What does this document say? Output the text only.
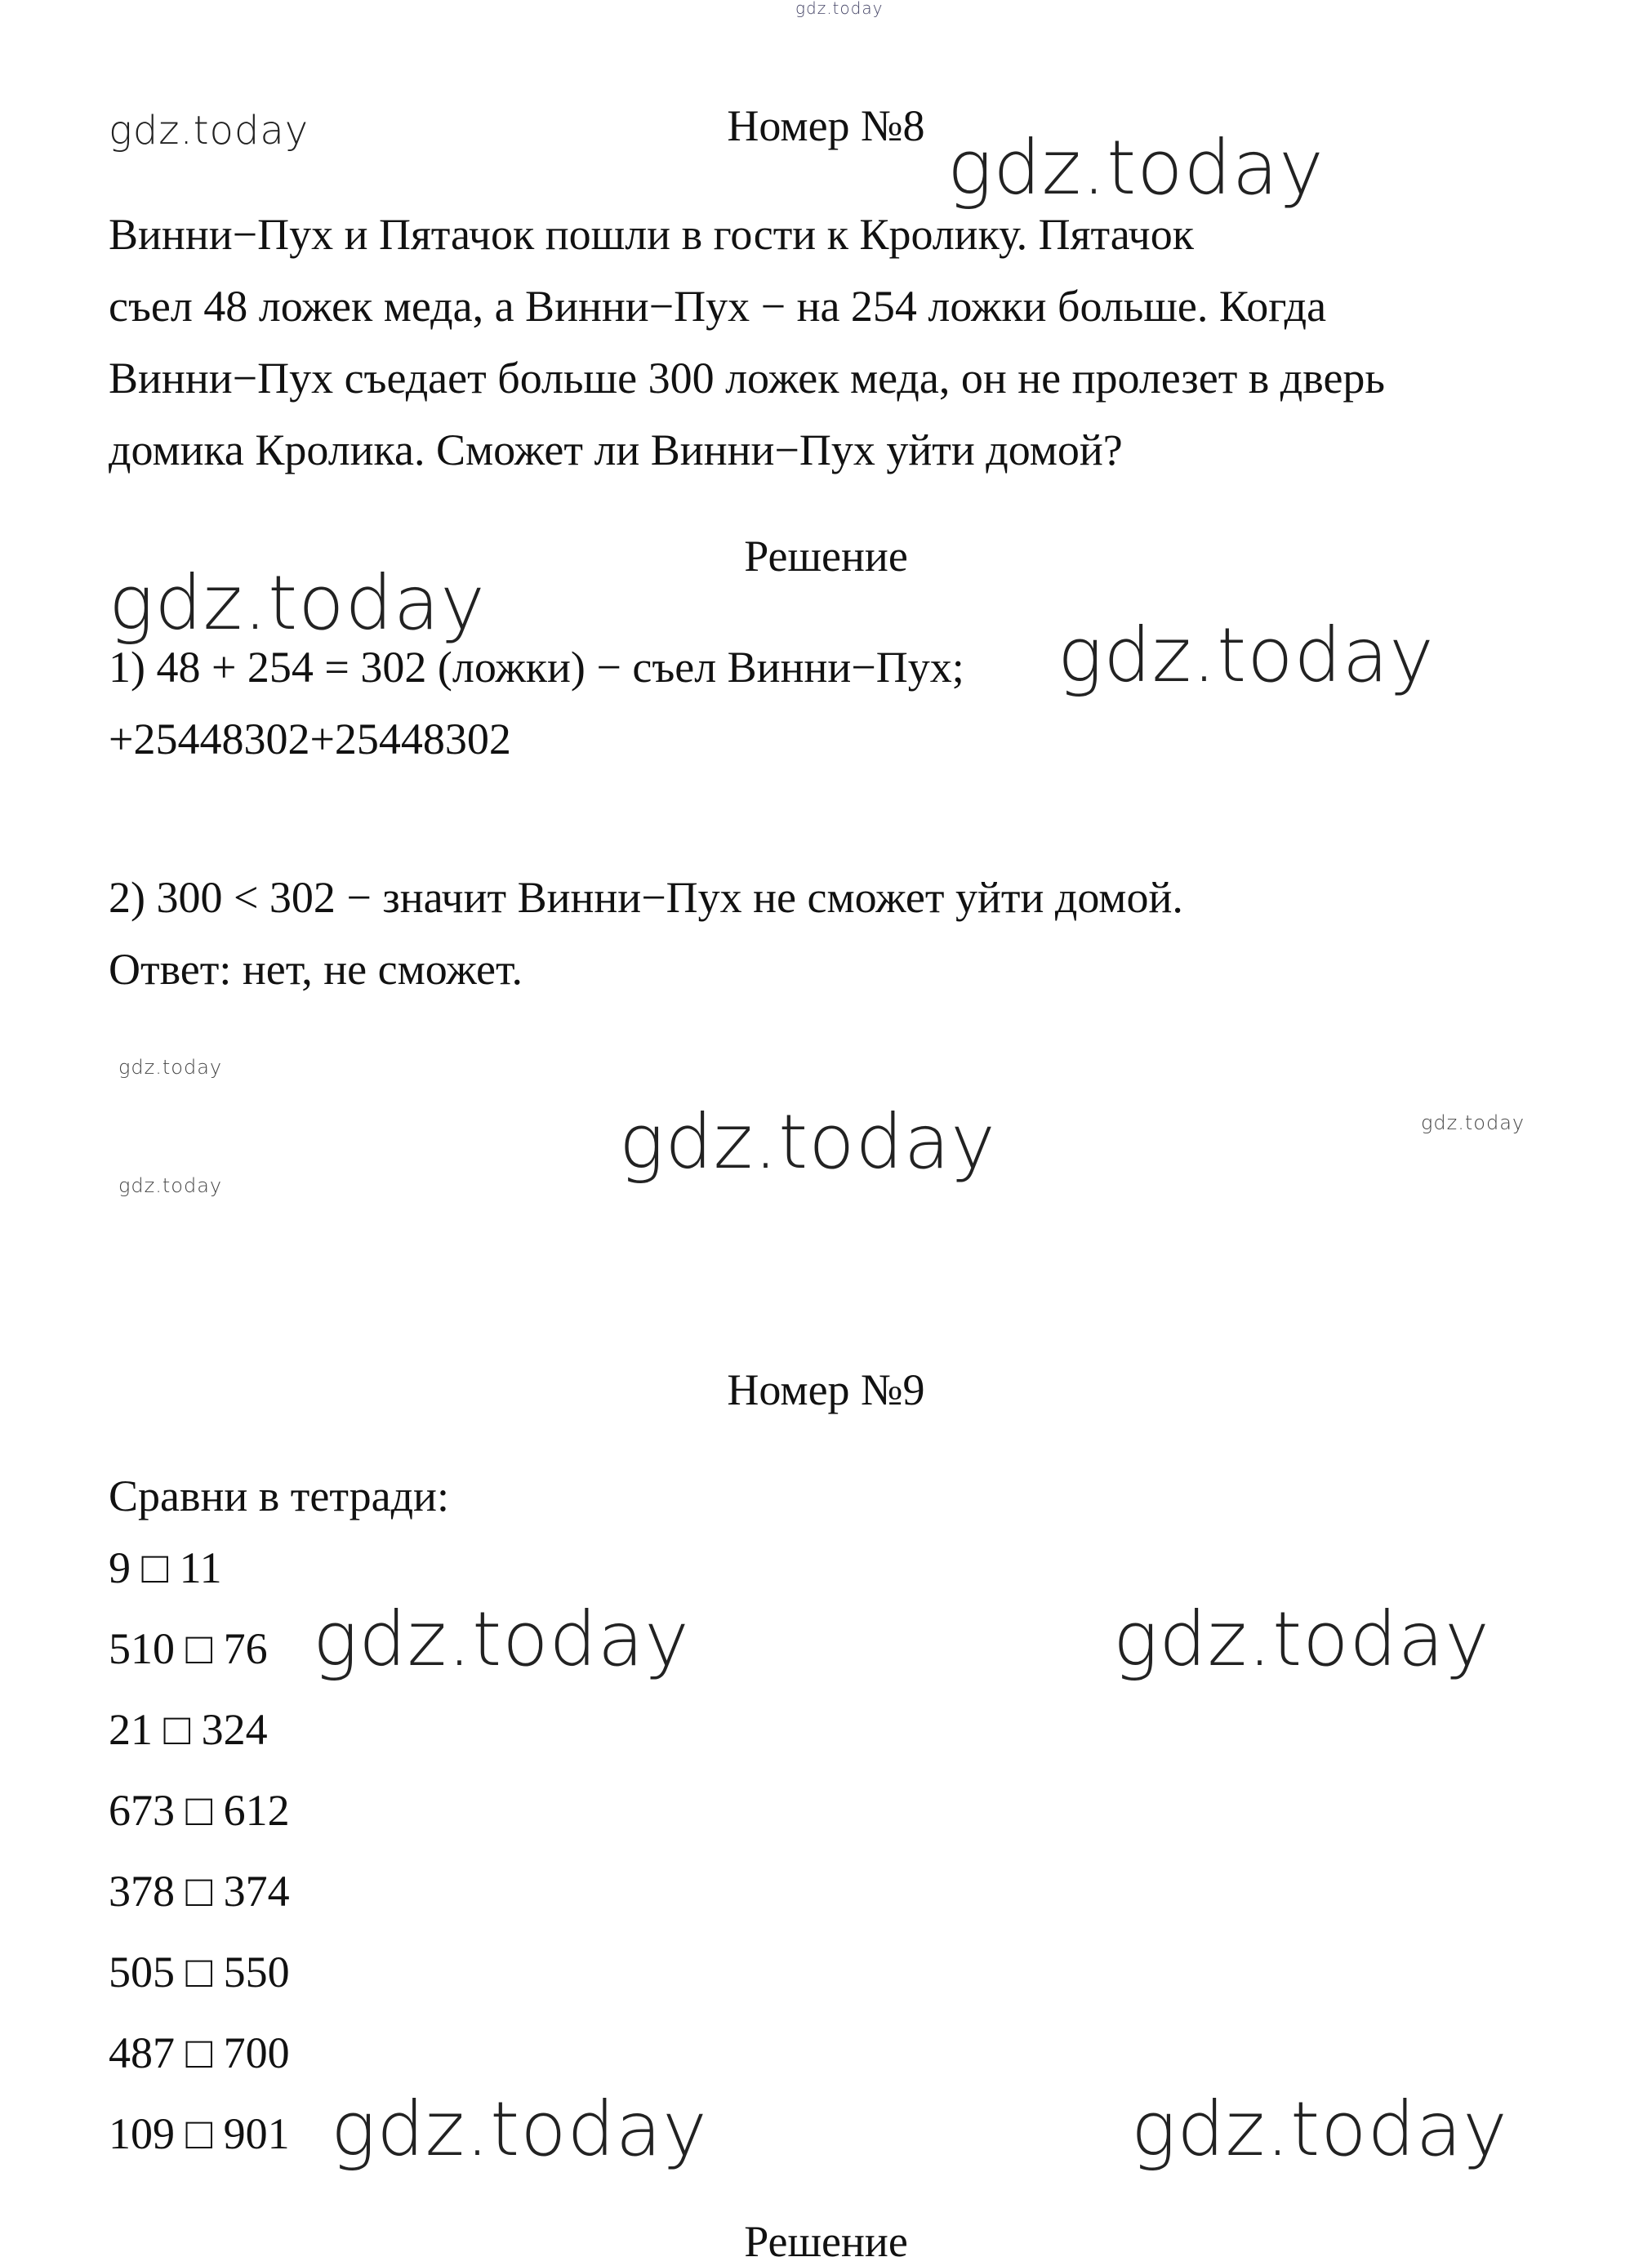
gdz.today
gdz.today	gdz.today
gdz.today
gdz.today
gdz.today
gdz.today	gdz.today
gdz.today
gdz.today	gdz.today
gdz.today	gdz.today
Номер №8
Винни−Пух и Пятачок пошли в гости к Кролику. Пятачок
съел 48 ложек меда, а Винни−Пух − на 254 ложки больше. Когда
Винни−Пух съедает больше 300 ложек меда, он не пролезет в дверь
домика Кролика. Сможет ли Винни−Пух уйти домой?
Решение
1) 48 + 254 = 302 (ложки) − съел Винни−Пух;
+25448302+25448302
2) 300 < 302 − значит Винни−Пух не сможет уйти домой.
Ответ: нет, не сможет.
Номер №9
Сравни в тетради:
9 □ 11
510 □ 76
21 □ 324
673 □ 612
378 □ 374
505 □ 550
487 □ 700
109 □ 901
Решение
